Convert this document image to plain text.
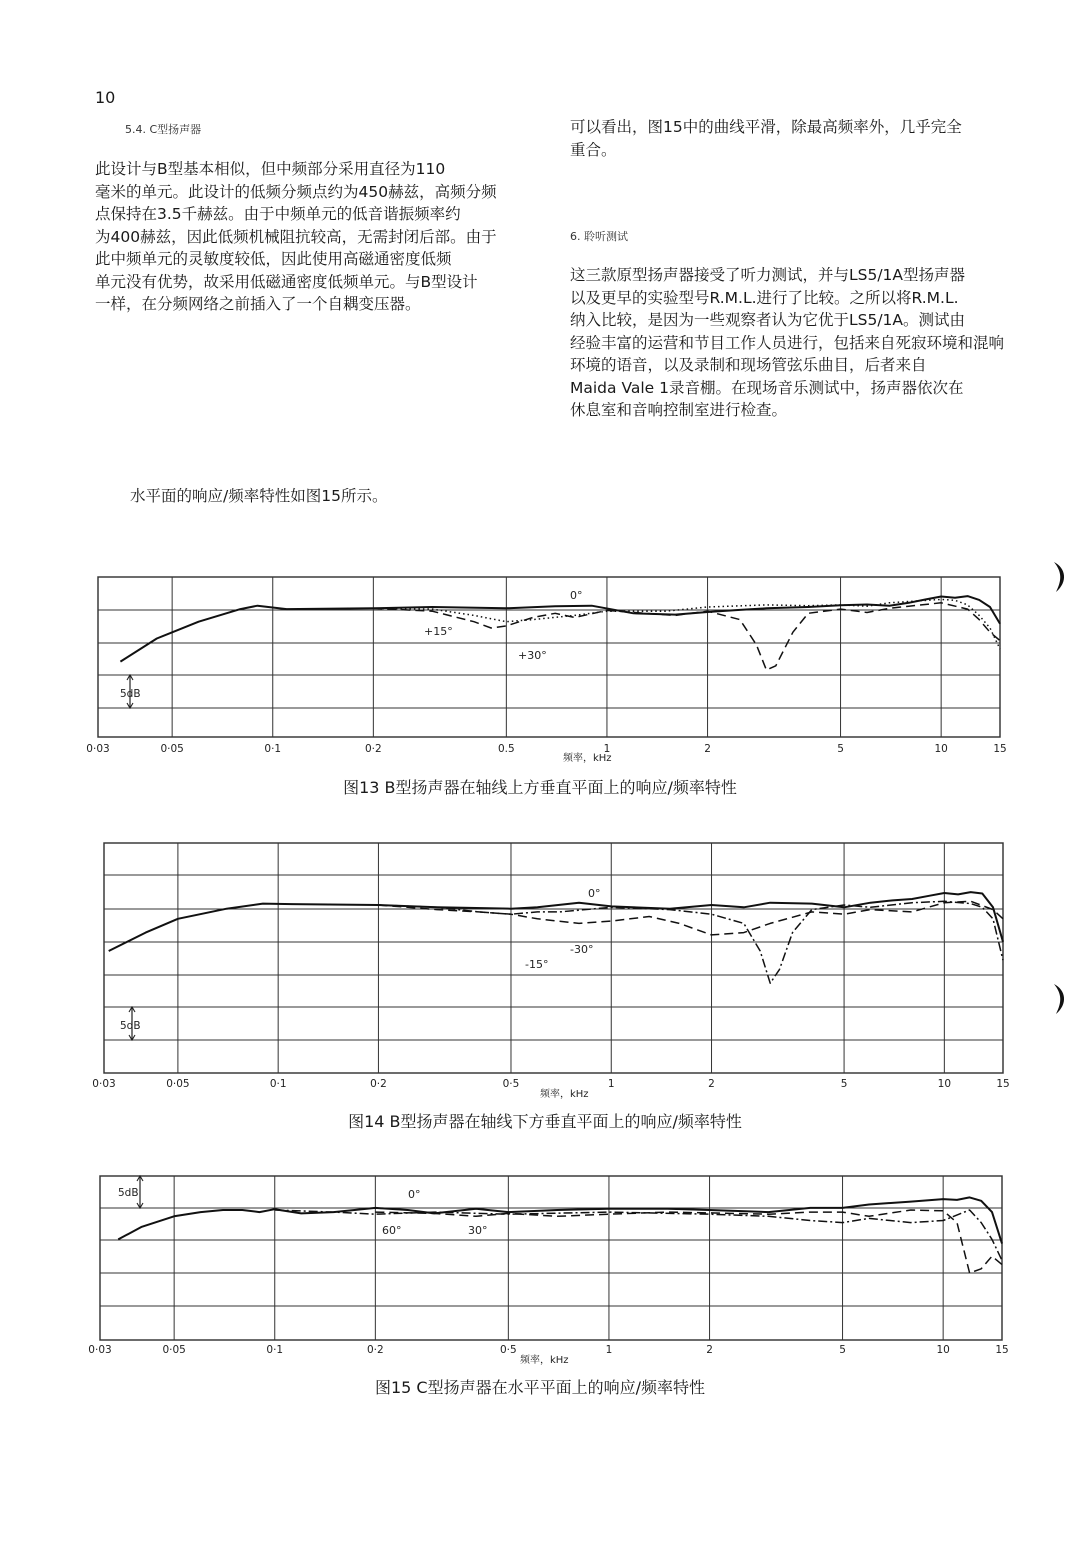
10
5.4. C型扬声器
此设计与B型基本相似，但中频部分采用直径为110
毫米的单元。此设计的低频分频点约为450赫兹，高频分频
点保持在3.5千赫兹。由于中频单元的低音谐振频率约
为400赫兹，因此低频机械阻抗较高，无需封闭后部。由于
此中频单元的灵敏度较低，因此使用高磁通密度低频
单元没有优势，故采用低磁通密度低频单元。与B型设计
一样，在分频网络之前插入了一个自耦变压器。
可以看出，图15中的曲线平滑，除最高频率外，几乎完全
重合。
6. 聆听测试
这三款原型扬声器接受了听力测试，并与LS5/1A型扬声器
以及更早的实验型号R.M.L.进行了比较。之所以将R.M.L.
纳入比较，是因为一些观察者认为它优于LS5/1A。测试由
经验丰富的运营和节目工作人员进行，包括来自死寂环境和混响
环境的语音，以及录制和现场管弦乐曲目，后者来自
Maida Vale 1录音棚。在现场音乐测试中，扬声器依次在
休息室和音响控制室进行检查。
水平面的响应/频率特性如图15所示。
0·03	0·05	0·1	0·2	0.5	1	2	5	10	15
频率，kHz
5dB
0°
+15°
+30°
图13 B型扬声器在轴线上方垂直平面上的响应/频率特性
0·03	0·05	0·1	0·2	0·5	1	2	5	10	15
频率，kHz
5dB
0°
-15°
-30°
图14 B型扬声器在轴线下方垂直平面上的响应/频率特性
0·03	0·05	0·1	0·2	0·5	1	2	5	10	15
频率，kHz
5dB	0°
60°	30°
图15 C型扬声器在水平平面上的响应/频率特性
